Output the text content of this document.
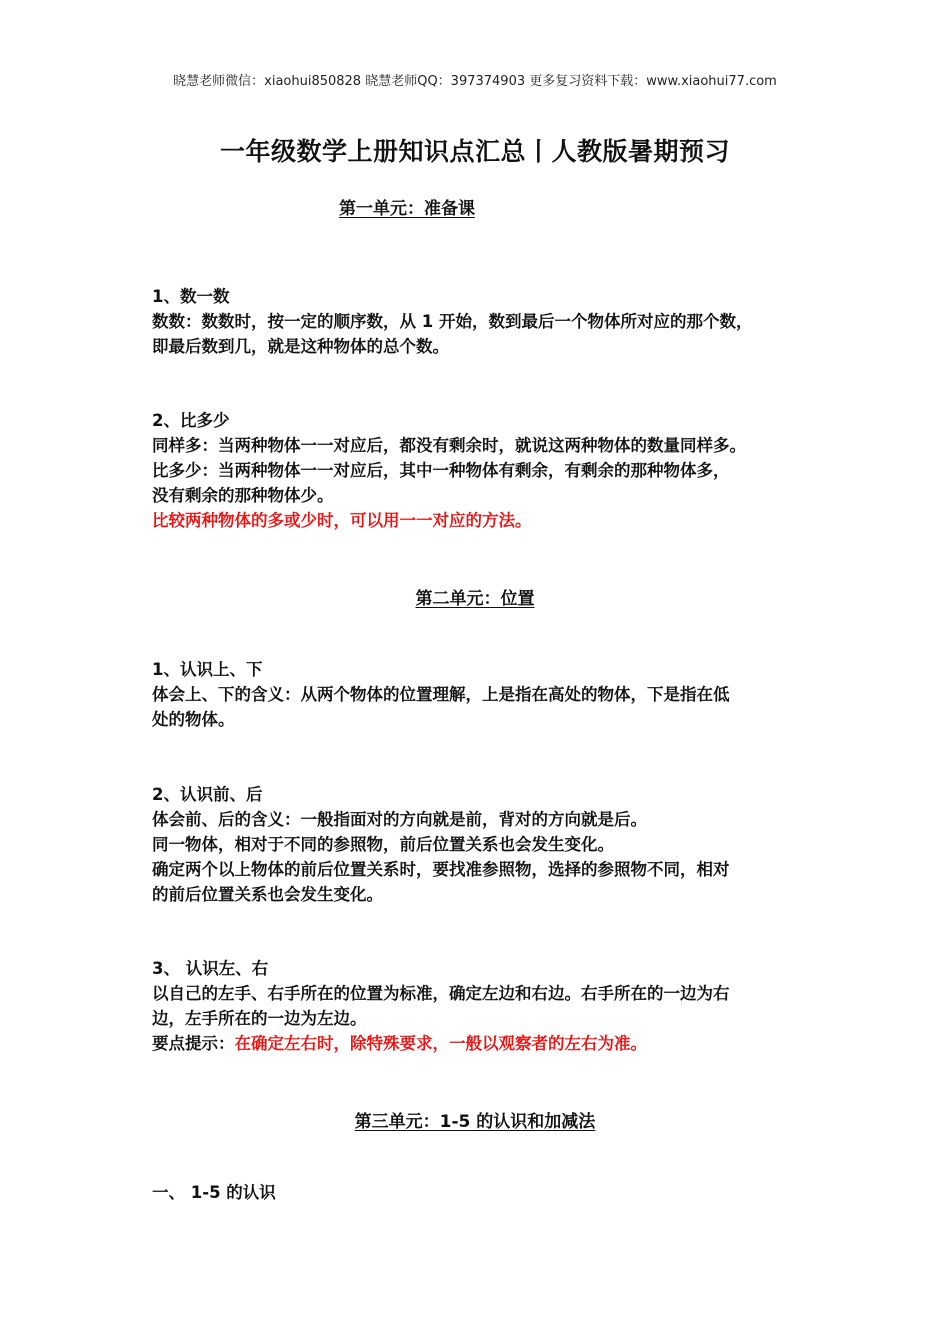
晓慧老师微信：xiaohui850828 晓慧老师QQ：397374903 更多复习资料下载：www.xiaohui77.com
一年级数学上册知识点汇总丨人教版暑期预习
第一单元：准备课

1、数一数

数数：数数时，按一定的顺序数，从 1 开始，数到最后一个物体所对应的那个数，

即最后数到几，就是这种物体的总个数。

2、比多少

同样多：当两种物体一一对应后，都没有剩余时，就说这两种物体的数量同样多。

比多少：当两种物体一一对应后，其中一种物体有剩余，有剩余的那种物体多，

没有剩余的那种物体少。

比较两种物体的多或少时，可以用一一对应的方法。

第二单元：位置

1、认识上、下

体会上、下的含义：从两个物体的位置理解，上是指在高处的物体，下是指在低

处的物体。

2、认识前、后

体会前、后的含义：一般指面对的方向就是前，背对的方向就是后。

同一物体，相对于不同的参照物，前后位置关系也会发生变化。

确定两个以上物体的前后位置关系时，要找准参照物，选择的参照物不同，相对

的前后位置关系也会发生变化。

3、 认识左、右

以自己的左手、右手所在的位置为标准，确定左边和右边。右手所在的一边为右

边，左手所在的一边为左边。

要点提示：在确定左右时，除特殊要求，一般以观察者的左右为准。

第三单元：1-5 的认识和加减法

一、 1-5 的认识
